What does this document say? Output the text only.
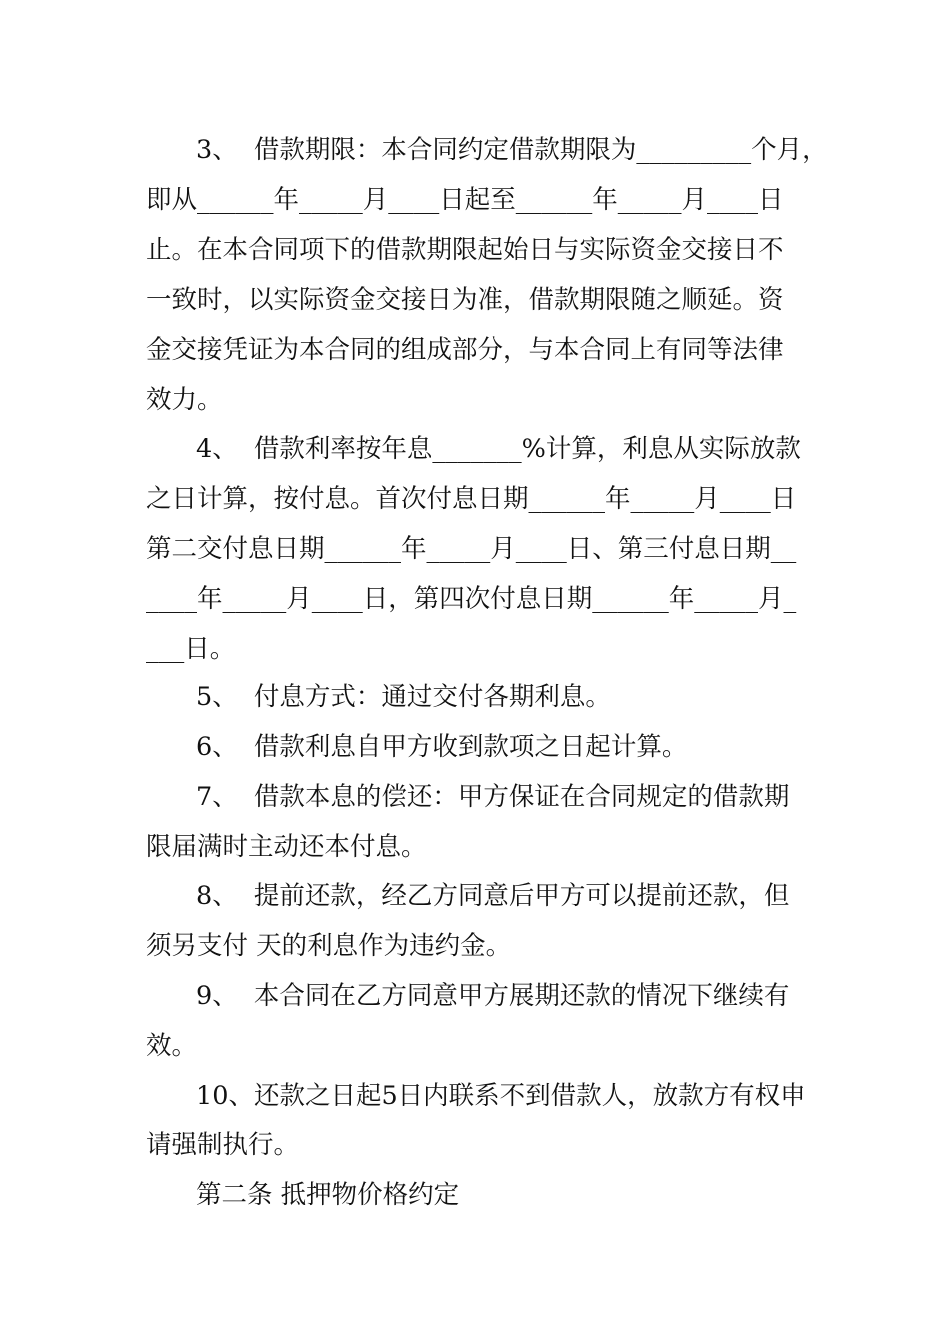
3、  借款期限：本合同约定借款期限为_________个月，
即从______年_____月____日起至______年_____月____日
止。在本合同项下的借款期限起始日与实际资金交接日不
一致时，以实际资金交接日为准，借款期限随之顺延。资
金交接凭证为本合同的组成部分，与本合同上有同等法律
效力。
4、  借款利率按年息_______%计算，利息从实际放款
之日计算，按付息。首次付息日期______年_____月____日
第二交付息日期______年_____月____日、第三付息日期__
____年_____月____日，第四次付息日期______年_____月_
___日。
5、  付息方式：通过交付各期利息。
6、  借款利息自甲方收到款项之日起计算。
7、  借款本息的偿还：甲方保证在合同规定的借款期
限届满时主动还本付息。
8、  提前还款，经乙方同意后甲方可以提前还款，但
须另支付 天的利息作为违约金。
9、  本合同在乙方同意甲方展期还款的情况下继续有
效。
10、还款之日起5日内联系不到借款人，放款方有权申
请强制执行。
第二条 抵押物价格约定
